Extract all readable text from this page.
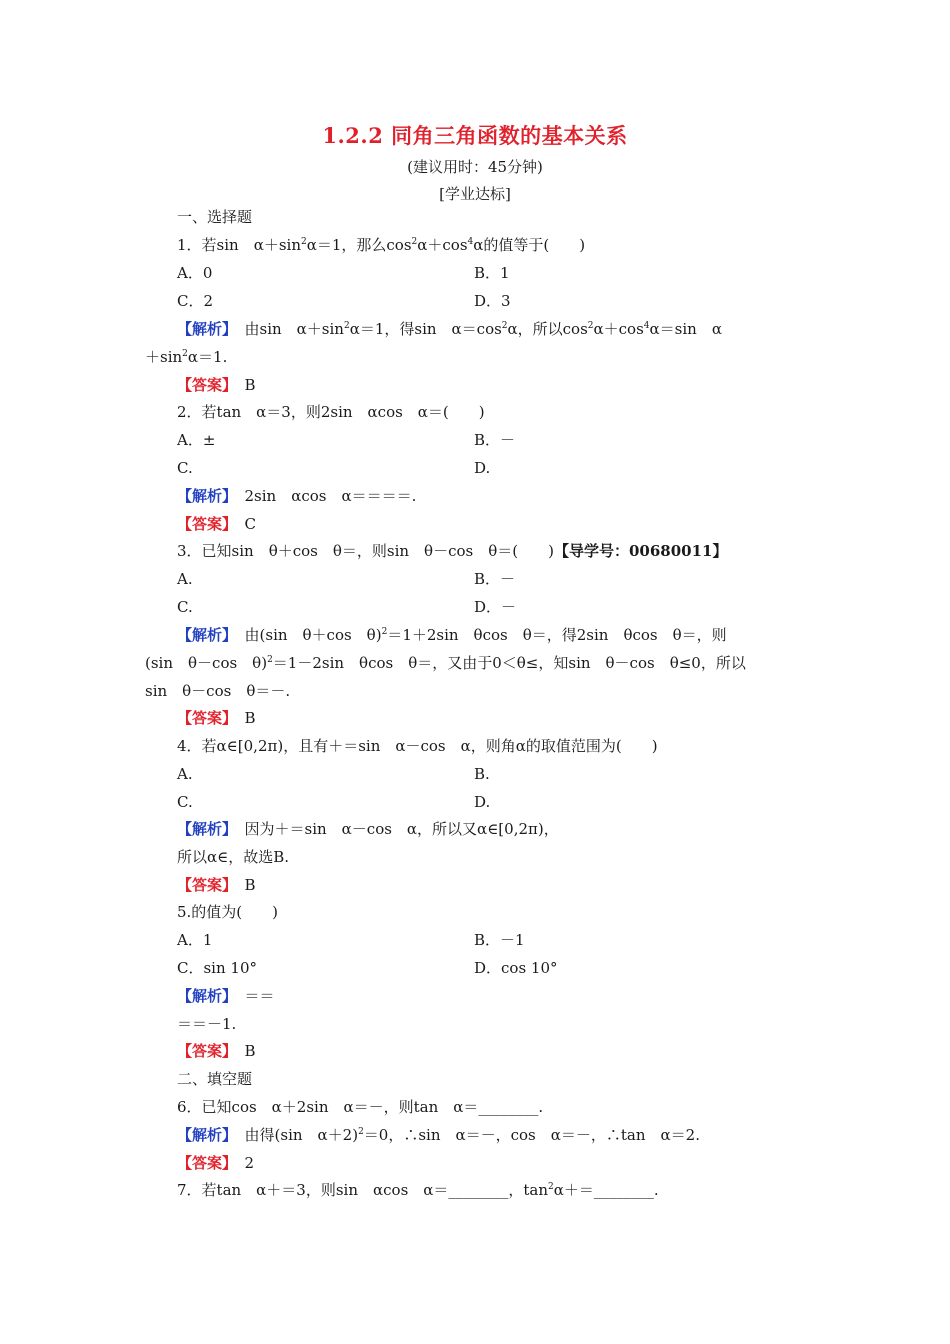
1.2.2 同角三角函数的基本关系
(建议用时：45分钟)
[学业达标]
一、选择题
1．若sin　$\alpha+\sin^2\alpha=1$，那么$\cos^2\alpha+\cos^4\alpha$的值等于(　　)
A．0	B．1
C．2	D．3
【解析】　由sin　$\alpha+\sin^2\alpha=1$，得sin　$\alpha=\cos^2\alpha$，所以$\cos^2\alpha+\cos^4\alpha=\sin$　α
$+\sin^2\alpha=1$.
【答案】　B
2．若tan　α＝3，则2sin　αcos　α＝(　　)
A．±	B．－
C.	D.
【解析】　2sin　αcos　α＝＝＝＝.
【答案】　C
3．已知sin　θ＋cos　θ＝，则sin　θ－cos　θ＝(　　)【导学号：00680011】
A.	B．－
C.	D．－
【解析】　由(sin　θ＋cos　θ)$^2$＝1＋2sin　θcos　θ＝，得2sin　θcos　θ＝，则
(sin　θ－cos　θ)$^2$＝1－2sin　θcos　θ＝，又由于0＜θ≤，知sin　θ－cos　θ≤0，所以
sin　θ－cos　θ＝－.
【答案】　B
4．若α∈[0,2π)，且有＋＝sin　α－cos　α，则角α的取值范围为(　　)
A.	B.
C.	D.
【解析】　因为＋＝sin　α－cos　α，所以又α∈[0,2π)，
所以α∈，故选B.
【答案】　B
5.的值为(　　)
A．1	B．－1
C．sin 10°	D．cos 10°
【解析】　＝＝
＝＝－1.
【答案】　B
二、填空题
6．已知cos　α＋2sin　α＝－，则tan　α＝________.
【解析】　由得(sin　α＋2)$^2$＝0，∴sin　α＝－，cos　α＝－，∴tan　α＝2.
【答案】　2
7．若tan　α＋＝3，则sin　αcos　α＝________，$\tan^2\alpha+=\_\_\_\_\_\_\_\_$.
